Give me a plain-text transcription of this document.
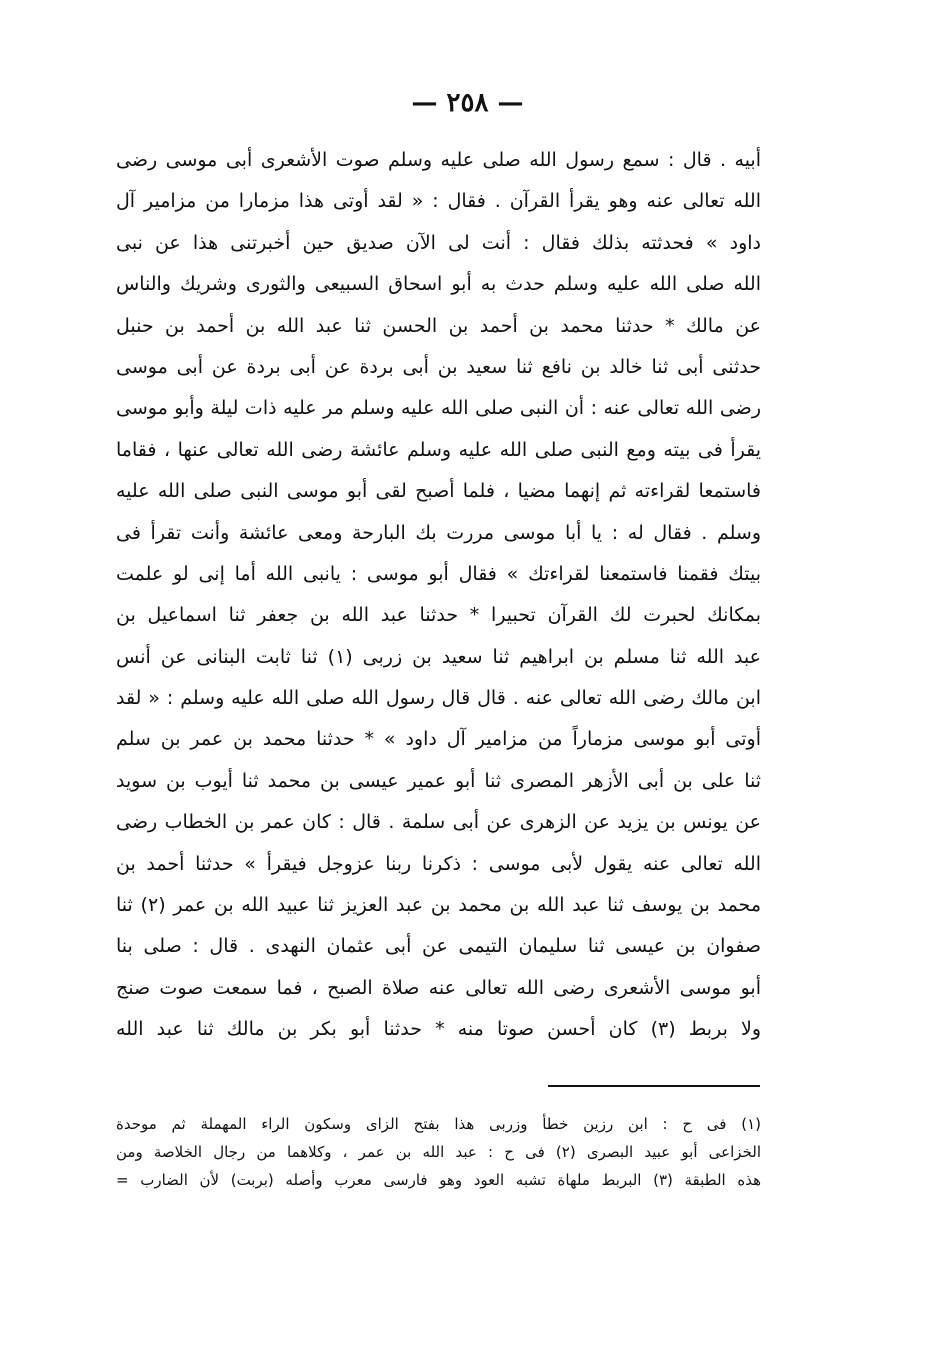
— ٢٥٨ —
أبيه . قال : سمع رسول الله صلى عليه وسلم صوت الأشعرى أبى موسى رضى
الله تعالى عنه وهو يقرأ القرآن . فقال : « لقد أوتى هذا مزمارا من مزامير آل
داود » فحدثته بذلك فقال : أنت لى الآن صديق حين أخبرتنى هذا عن نبى
الله صلى الله عليه وسلم حدث به أبو اسحاق السبيعى والثورى وشريك والناس
عن مالك * حدثنا محمد بن أحمد بن الحسن ثنا عبد الله بن أحمد بن حنبل
حدثنى أبى ثنا خالد بن نافع ثنا سعيد بن أبى بردة عن أبى بردة عن أبى موسى
رضى الله تعالى عنه : أن النبى صلى الله عليه وسلم مر عليه ذات ليلة وأبو موسى
يقرأ فى بيته ومع النبى صلى الله عليه وسلم عائشة رضى الله تعالى عنها ، فقاما
فاستمعا لقراءته ثم إنهما مضيا ، فلما أصبح لقى أبو موسى النبى صلى الله عليه
وسلم . فقال له : يا أبا موسى مررت بك البارحة ومعى عائشة وأنت تقرأ فى
بيتك فقمنا فاستمعنا لقراءتك » فقال أبو موسى : يانبى الله أما إنى لو علمت
بمكانك لحبرت لك القرآن تحبيرا * حدثنا عبد الله بن جعفر ثنا اسماعيل بن
عبد الله ثنا مسلم بن ابراهيم ثنا سعيد بن زربى (١) ثنا ثابت البنانى عن أنس
ابن مالك رضى الله تعالى عنه . قال قال رسول الله صلى الله عليه وسلم : « لقد
أوتى أبو موسى مزماراً من مزامير آل داود » * حدثنا محمد بن عمر بن سلم
ثنا على بن أبى الأزهر المصرى ثنا أبو عمير عيسى بن محمد ثنا أيوب بن سويد
عن يونس بن يزيد عن الزهرى عن أبى سلمة . قال : كان عمر بن الخطاب رضى
الله تعالى عنه يقول لأبى موسى : ذكرنا ربنا عزوجل فيقرأ » حدثنا أحمد بن
محمد بن يوسف ثنا عبد الله بن محمد بن عبد العزيز ثنا عبيد الله بن عمر (٢) ثنا
صفوان بن عيسى ثنا سليمان التيمى عن أبى عثمان النهدى . قال : صلى بنا
أبو موسى الأشعرى رضى الله تعالى عنه صلاة الصبح ، فما سمعت صوت صنج
ولا بربط (٣) كان أحسن صوتا منه * حدثنا أبو بكر بن مالك ثنا عبد الله
(١) فى ح : ابن رزين خطأ وزربى هذا بفتح الزاى وسكون الراء المهملة ثم موحدة
الخزاعى أبو عبيد البصرى (٢) فى ح : عبد الله بن عمر ، وكلاهما من رجال الخلاصة ومن
هذه الطبقة (٣) البربط ملهاة تشبه العود وهو فارسى معرب وأصله (بربت) لأن الضارب =
